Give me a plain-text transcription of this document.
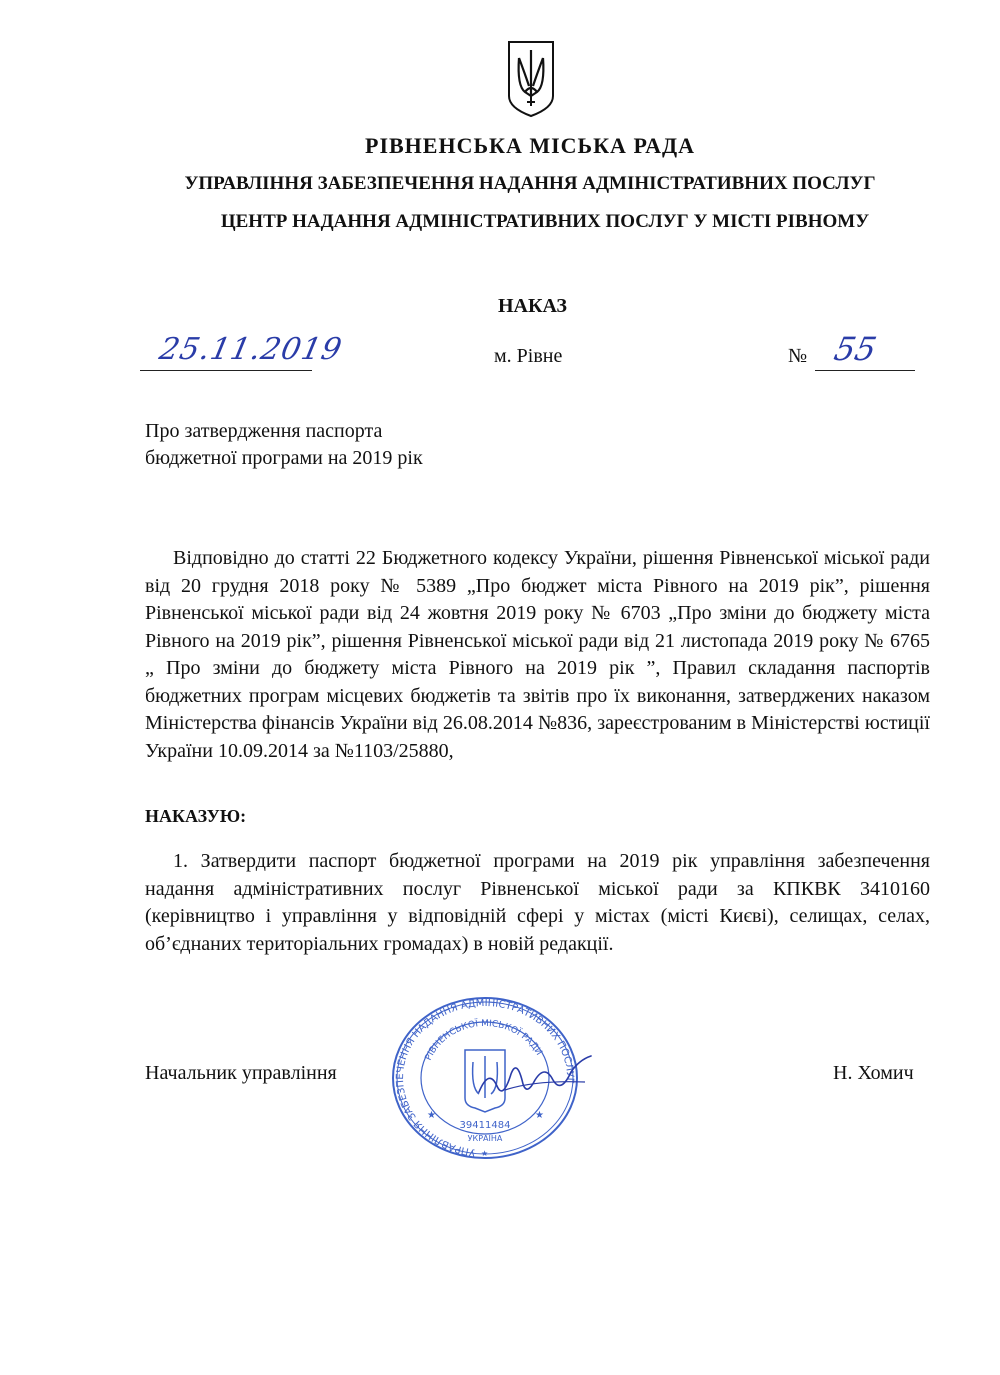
РІВНЕНСЬКА МІСЬКА РАДА
УПРАВЛІННЯ ЗАБЕЗПЕЧЕННЯ НАДАННЯ АДМІНІСТРАТИВНИХ ПОСЛУГ
ЦЕНТР НАДАННЯ АДМІНІСТРАТИВНИХ ПОСЛУГ У МІСТІ РІВНОМУ
НАКАЗ
25.11.2019	м. Рівне	№ 55
Про затвердження паспорта
бюджетної програми на 2019 рік
Відповідно до статті 22 Бюджетного кодексу України, рішення Рівненської міської ради від 20 грудня 2018 року № 5389 „Про бюджет міста Рівного на 2019 рік”, рішення Рівненської міської ради від 24 жовтня 2019 року № 6703 „Про зміни до бюджету міста Рівного на 2019 рік”, рішення Рівненської міської ради від 21 листопада 2019 року № 6765 „ Про зміни до бюджету міста Рівного на 2019 рік ”, Правил складання паспортів бюджетних програм місцевих бюджетів та звітів про їх виконання, затверджених наказом Міністерства фінансів України від 26.08.2014 №836, зареєстрованим в Міністерстві юстиції України 10.09.2014 за №1103/25880,
НАКАЗУЮ:
1. Затвердити паспорт бюджетної програми на 2019 рік управління забезпечення надання адміністративних послуг Рівненської міської ради за КПКВК 3410160 (керівництво і управління у відповідній сфері у містах (місті Києві), селищах, селах, об’єднаних територіальних громадах) в новій редакції.
Начальник управління	Н. Хомич
УПРАВЛІННЯ ЗАБЕЗПЕЧЕННЯ НАДАННЯ АДМІНІСТРАТИВНИХ ПОСЛУГ
РІВНЕНСЬКОЇ МІСЬКОЇ РАДИ
39411484
УКРАЇНА
★	★
★
